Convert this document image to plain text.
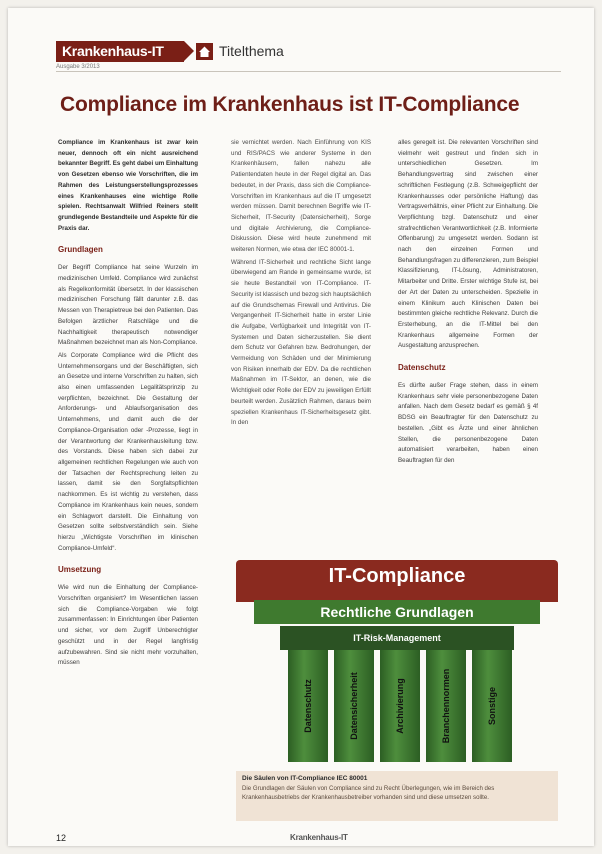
Krankenhaus-IT	Titelthema
Ausgabe 3/2013
Compliance im Krankenhaus ist IT-Compliance

Compliance im Krankenhaus ist zwar kein neuer, dennoch oft ein nicht ausreichend bekannter Begriff. Es geht dabei um Einhaltung von Gesetzen ebenso wie Vorschriften, die im Rahmen des Leistungserstellungsprozesses eines Krankenhauses eine wichtige Rolle spielen. Rechtsanwalt Wilfried Reiners stellt grundlegende Bestandteile und Aspekte für die Praxis dar.

Grundlagen

Der Begriff Compliance hat seine Wurzeln im medizinischen Umfeld. Compliance wird zunächst als Regelkonformität übersetzt. In der klassischen medizinischen Forschung fällt darunter z.B. das Messen von Therapietreue bei den Patienten. Das Befolgen ärztlicher Ratschläge und die Nachhaltigkeit therapeutisch notwendiger Maßnahmen bezeichnet man als Non-Compliance.

Als Corporate Compliance wird die Pflicht des Unternehmensorgans und der Beschäftigten, sich an Gesetze und interne Vorschriften zu halten, sich also einen umfassenden Legalitätsprinzip zu verpflichten, bezeichnet. Die Gestaltung der Anforderungs- und Ablaufsorganisation des Unternehmens, und damit auch die der Compliance-Organisation oder -Prozesse, liegt in der Verantwortung der Krankenhausleitung bzw. des Vorstands. Diese haben sich dabei zur allgemeinen rechtlichen Regelungen wie auch von der Tatsachen der Rechtsprechung leiten zu lassen, damit sie den Sorgfaltspflichten nachkommen. Es ist wichtig zu verstehen, dass Compliance im Krankenhaus kein neues, sondern ein Schlagwort darstellt. Die Einhaltung von Gesetzen sollte selbstverständlich sein. Siehe hierzu „Wichtigste Vorschriften im klinischen Compliance-Umfeld“.

Umsetzung

Wie wird nun die Einhaltung der Compliance-Vorschriften organisiert? Im Wesentlichen lassen sich die Compliance-Vorgaben wie folgt zusammenfassen: In Einrichtungen über Patienten und sicher, vor dem Zugriff Unberechtigter geschützt und in der Regel langfristig aufzubewahren. Sind sie nicht mehr vorzuhalten, müssen

sie vernichtet werden. Nach Einführung von KIS und RIS/PACS wie anderer Systeme in den Krankenhäusern, fallen nahezu alle Patientendaten heute in der Regel digital an. Das bedeutet, in der Praxis, dass sich die Compliance-Vorschriften im Krankenhaus auf die IT umgesetzt werden müssen. Damit berechnen Begriffe wie IT-Sicherheit, IT-Security (Datensicherheit), Sorge und digitale Archivierung, die Compliance-Diskussion. Diese wird heute zunehmend mit weiteren Normen, wie etwa der IEC 80001-1.

Während IT-Sicherheit und rechtliche Sicht lange überwiegend am Rande in gemeinsame wurde, ist sie heute Bestandteil von IT-Compliance. IT-Security ist klassisch und bezog sich hauptsächlich auf die Grundschemas Firewall und Antivirus. Die Vergangenheit IT-Sicherheit hatte in erster Linie die Aufgabe, Verfügbarkeit und Integrität von IT-Systemen und Daten sicherzustellen. Sie dient dem Schutz vor Gefahren bzw. Bedrohungen, der Vermeidung von Schäden und der Minimierung von Risiken innerhalb der EDV. Da die rechtlichen Maßnahmen im IT-Sektor, an denen, wie die Wichtigkeit oder Rolle der EDV zu jeweiligen Erfüllt beurteilt werden. Zusätzlich Rahmen, daraus beim speziellen Krankenhaus IT-Sicherheitsgesetz gibt. In den

alles geregelt ist. Die relevanten Vorschriften sind vielmehr weit gestreut und finden sich in unterschiedlichen Gesetzen. Im Behandlungsvertrag sind zwischen einer schriftlichen Festlegung (z.B. Schweigepflicht der Krankenhausses oder persönliche Haftung) das Vertragsverhältnis, einer Pflicht zur Einhaltung. Die Verpflichtung bzgl. Datenschutz und einer strafrechtlichen Verantwortlichkeit (z.B. Informierte Offenbarung) zu umgesetzt werden. Sodann ist nach den einzelnen Formen und Behandlungsfragen zu differenzieren, zum Beispiel Klassifizierung, IT-Lösung, Administratoren, Mitarbeiter und Dritte. Erster wichtige Stufe ist, bei der Art der Daten zu unterscheiden. Spezielle in einem Klinikum auch Klinischen Daten bei bestimmten gleiche rechtliche Relevanz. Durch die Ersterhebung, an die IT-Mittel bei den Krankenhaus allgemeine Formen der Ausgestaltung anzusprechen.

Datenschutz

Es dürfte außer Frage stehen, dass in einem Krankenhaus sehr viele personenbezogene Daten anfallen. Nach dem Gesetz bedarf es gemäß § 4f BDSG ein Beauftragter für den Datenschutz zu bestellen. „Gibt es Ärzte und einer ähnlichen Stellen, die personenbezogene Daten automatisiert verarbeiten, haben einen Beauftragten für den

IT-Compliance
Rechtliche Grundlagen
IT-Risk-Management
Datenschutz	Datensicherheit	Archivierung	Branchennormen	Sonstige
Die Säulen von IT-Compliance IEC 80001
Die Grundlagen der Säulen von Compliance sind zu Recht Überlegungen, wie im Bereich des Krankenhausbetriebs der Krankenhausbetreiber vorhanden sind und diese umsetzen sollte.
12	Krankenhaus-IT
